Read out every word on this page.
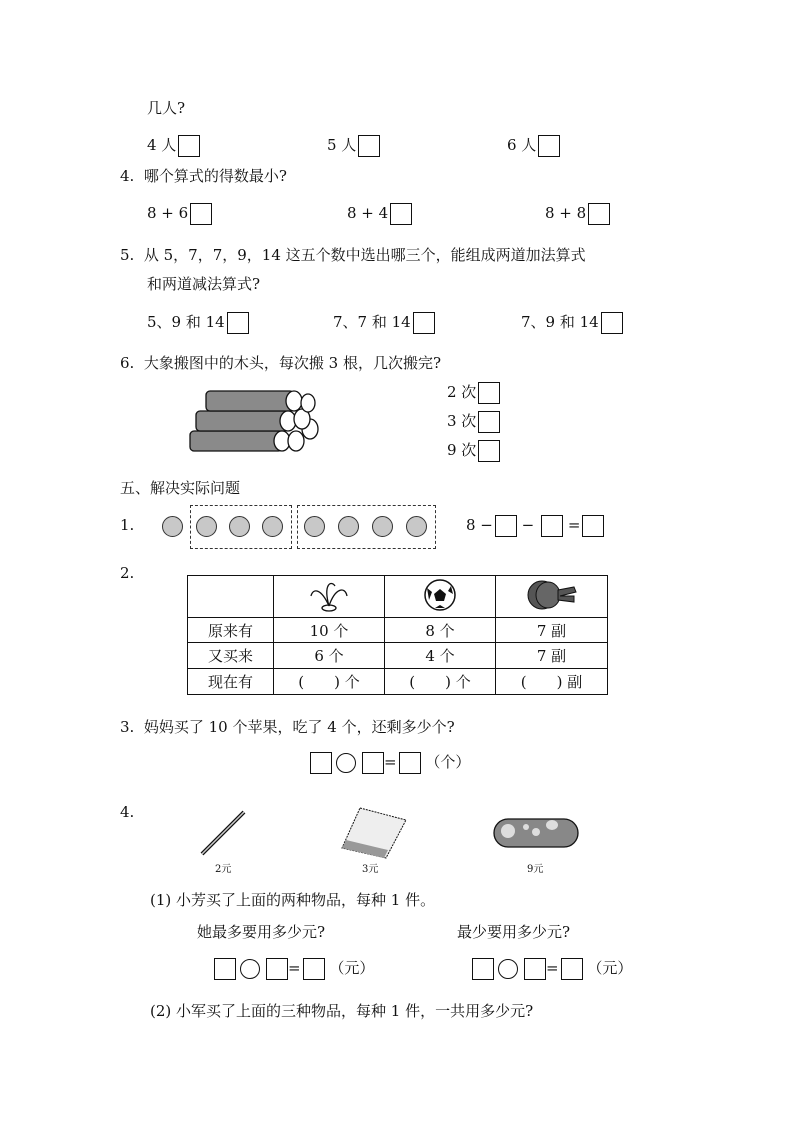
几人?
4 人	5 人	6 人
4. 哪个算式的得数最小?
8 + 6	8 + 4	8 + 8
5. 从 5，7，7，9，14 这五个数中选出哪三个，能组成两道加法算式
和两道减法算式?
5、9 和 14	7、7 和 14	7、9 和 14
6. 大象搬图中的木头，每次搬 3 根，几次搬完?
2 次
3 次
9 次
五、解决实际问题
1.	8 − − =
2.

原来有	10 个	8 个	7 副
又买来	6 个	4 个	7 副
现在有	(　　) 个	(　　) 个	(　　) 副
3. 妈妈买了 10 个苹果，吃了 4 个，还剩多少个?
= （个）
4.
2元	3元	9元
(1) 小芳买了上面的两种物品，每种 1 件。
她最多要用多少元?	最少要用多少元?
= （元）	= （元）
(2) 小军买了上面的三种物品，每种 1 件，一共用多少元?
